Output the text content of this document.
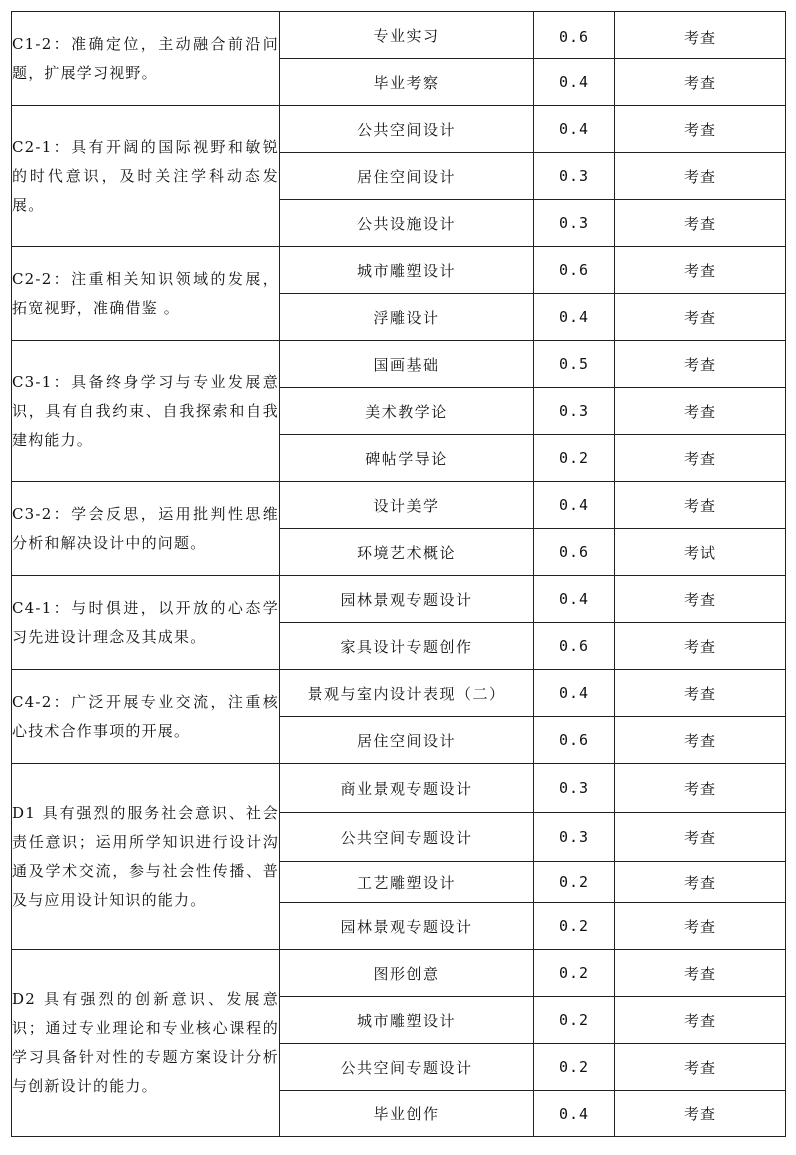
C1-2：准确定位，主动融合前沿问题，扩展学习视野。	专业实习	0.6	考查
	毕业考察	0.4	考查
C2-1：具有开阔的国际视野和敏锐的时代意识，及时关注学科动态发展。	公共空间设计	0.4	考查
	居住空间设计	0.3	考查
	公共设施设计	0.3	考查
C2-2：注重相关知识领域的发展，拓宽视野，准确借鉴 。	城市雕塑设计	0.6	考查
	浮雕设计	0.4	考查
C3-1：具备终身学习与专业发展意识，具有自我约束、自我探索和自我建构能力。	国画基础	0.5	考查
	美术教学论	0.3	考查
	碑帖学导论	0.2	考查
C3-2：学会反思，运用批判性思维分析和解决设计中的问题。	设计美学	0.4	考查
	环境艺术概论	0.6	考试
C4-1：与时俱进，以开放的心态学习先进设计理念及其成果。	园林景观专题设计	0.4	考查
	家具设计专题创作	0.6	考查
C4-2：广泛开展专业交流，注重核心技术合作事项的开展。	景观与室内设计表现（二）	0.4	考查
	居住空间设计	0.6	考查
D1 具有强烈的服务社会意识、社会 责任意识；运用所学知识进行设计沟通及学术交流，参与社会性传播、普及与应用设计知识的能力。	商业景观专题设计	0.3	考查
	公共空间专题设计	0.3	考查
	工艺雕塑设计	0.2	考查
	园林景观专题设计	0.2	考查
D2 具有强烈的创新意识、发展意识；通过专业理论和专业核心课程的学习具备针对性的专题方案设计分析与创新设计的能力。	图形创意	0.2	考查
	城市雕塑设计	0.2	考查
	公共空间专题设计	0.2	考查
	毕业创作	0.4	考查
